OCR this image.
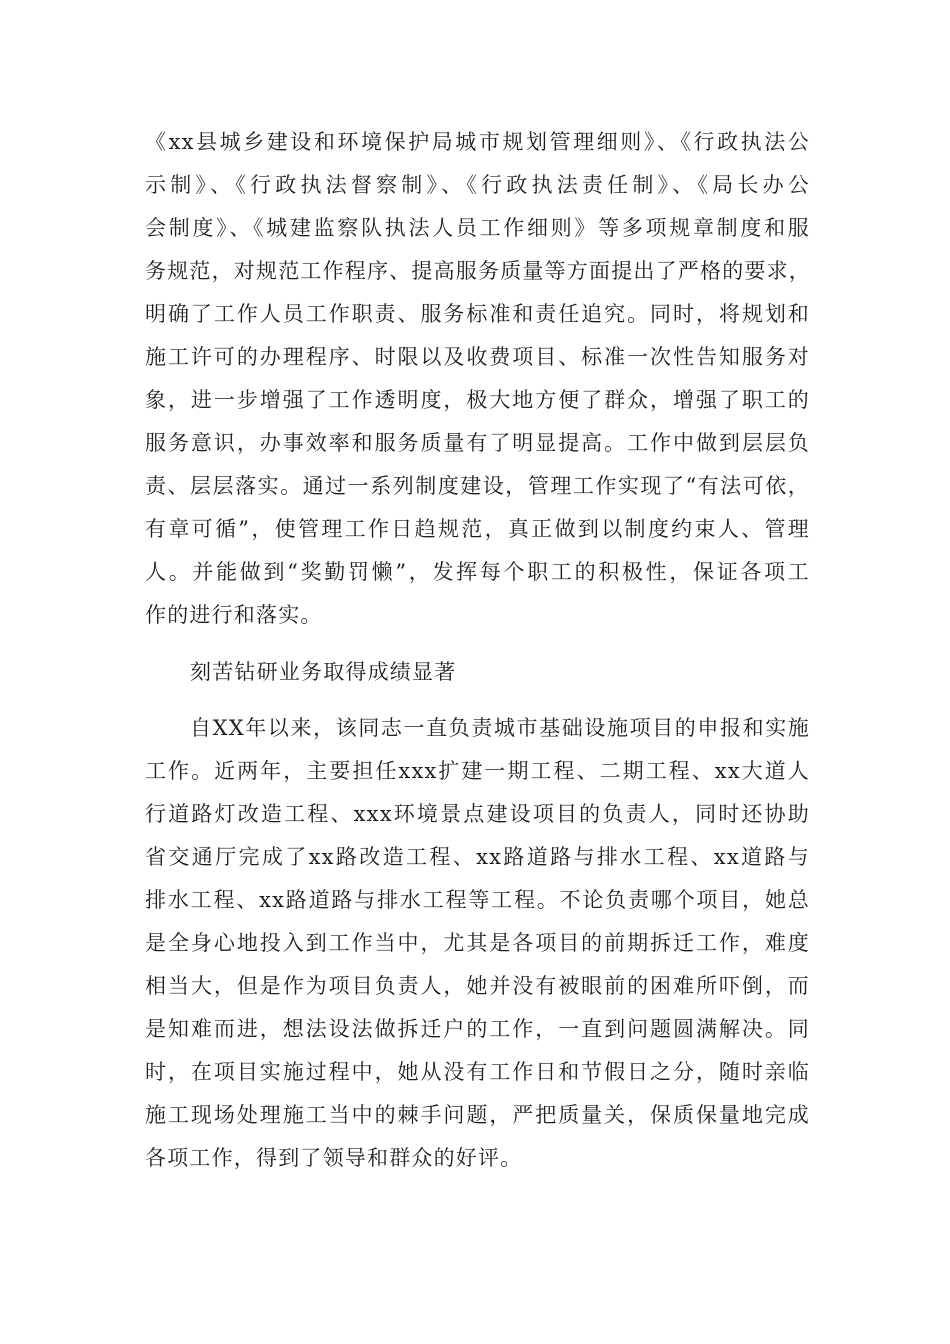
《xx县城乡建设和环境保护局城市规划管理细则》、《行政执法公
示制》、《行政执法督察制》、《行政执法责任制》、《局长办公
会制度》、《城建监察队执法人员工作细则》等多项规章制度和服
务规范，对规范工作程序、提高服务质量等方面提出了严格的要求，
明确了工作人员工作职责、服务标准和责任追究。同时，将规划和
施工许可的办理程序、时限以及收费项目、标准一次性告知服务对
象，进一步增强了工作透明度，极大地方便了群众，增强了职工的
服务意识，办事效率和服务质量有了明显提高。工作中做到层层负
责、层层落实。通过一系列制度建设，管理工作实现了“有法可依，
有章可循”，使管理工作日趋规范，真正做到以制度约束人、管理
人。并能做到“奖勤罚懒”，发挥每个职工的积极性，保证各项工
作的进行和落实。
刻苦钻研业务取得成绩显著
自XX年以来，该同志一直负责城市基础设施项目的申报和实施
工作。近两年，主要担任xxx扩建一期工程、二期工程、xx大道人
行道路灯改造工程、xxx环境景点建设项目的负责人，同时还协助
省交通厅完成了xx路改造工程、xx路道路与排水工程、xx道路与
排水工程、xx路道路与排水工程等工程。不论负责哪个项目，她总
是全身心地投入到工作当中，尤其是各项目的前期拆迁工作，难度
相当大，但是作为项目负责人，她并没有被眼前的困难所吓倒，而
是知难而进，想法设法做拆迁户的工作，一直到问题圆满解决。同
时，在项目实施过程中，她从没有工作日和节假日之分，随时亲临
施工现场处理施工当中的棘手问题，严把质量关，保质保量地完成
各项工作，得到了领导和群众的好评。
